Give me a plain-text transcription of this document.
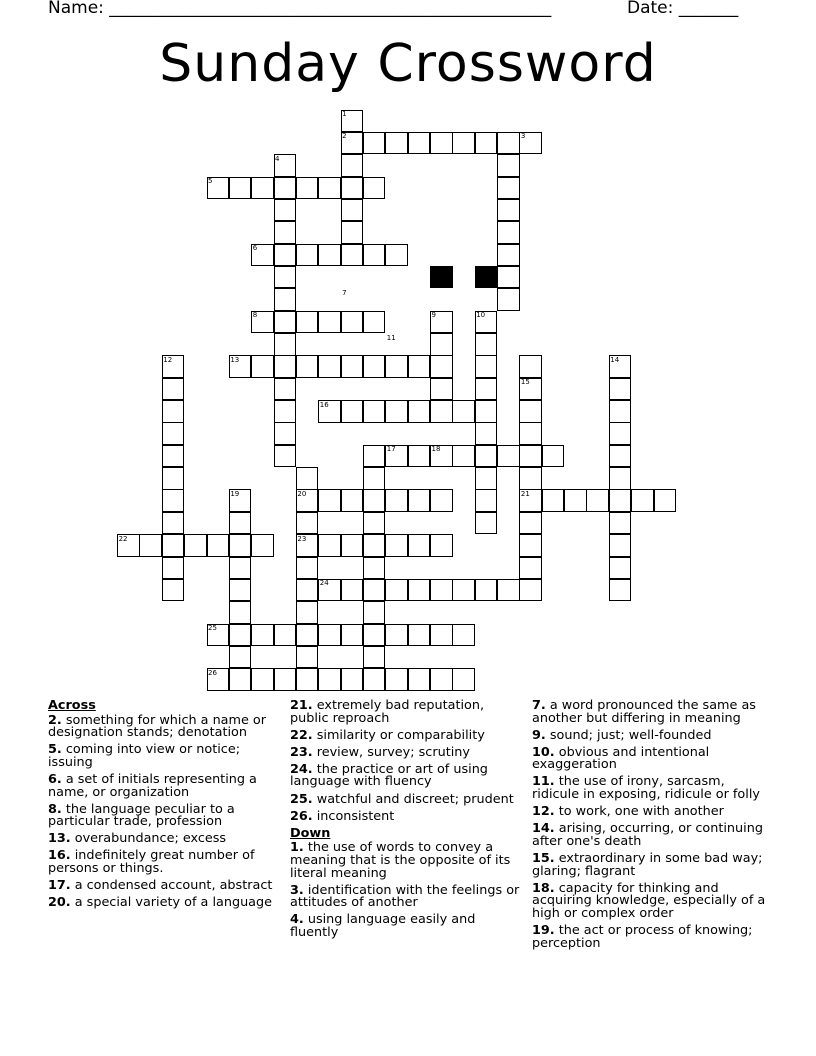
Name: ____________________________________________________	Date: _______
Sunday Crossword
1
2	3
4
5
6
7
8	9	10
11
12	13	14
15
16
17	18
19	20	21
22	23
24
25
26
Across
2. something for which a name or designation stands; denotation
5. coming into view or notice; issuing
6. a set of initials representing a name, or organization
8. the language peculiar to a particular trade, profession
13. overabundance; excess
16. indefinitely great number of persons or things.
17. a condensed account, abstract
20. a special variety of a language
21. extremely bad reputation, public reproach
22. similarity or comparability
23. review, survey; scrutiny
24. the practice or art of using language with fluency
25. watchful and discreet; prudent
26. inconsistent
Down
1. the use of words to convey a meaning that is the opposite of its literal meaning
3. identification with the feelings or attitudes of another
4. using language easily and fluently
7. a word pronounced the same as another but differing in meaning
9. sound; just; well-founded
10. obvious and intentional exaggeration
11. the use of irony, sarcasm, ridicule in exposing, ridicule or folly
12. to work, one with another
14. arising, occurring, or continuing after one's death
15. extraordinary in some bad way; glaring; flagrant
18. capacity for thinking and acquiring knowledge, especially of a high or complex order
19. the act or process of knowing; perception
